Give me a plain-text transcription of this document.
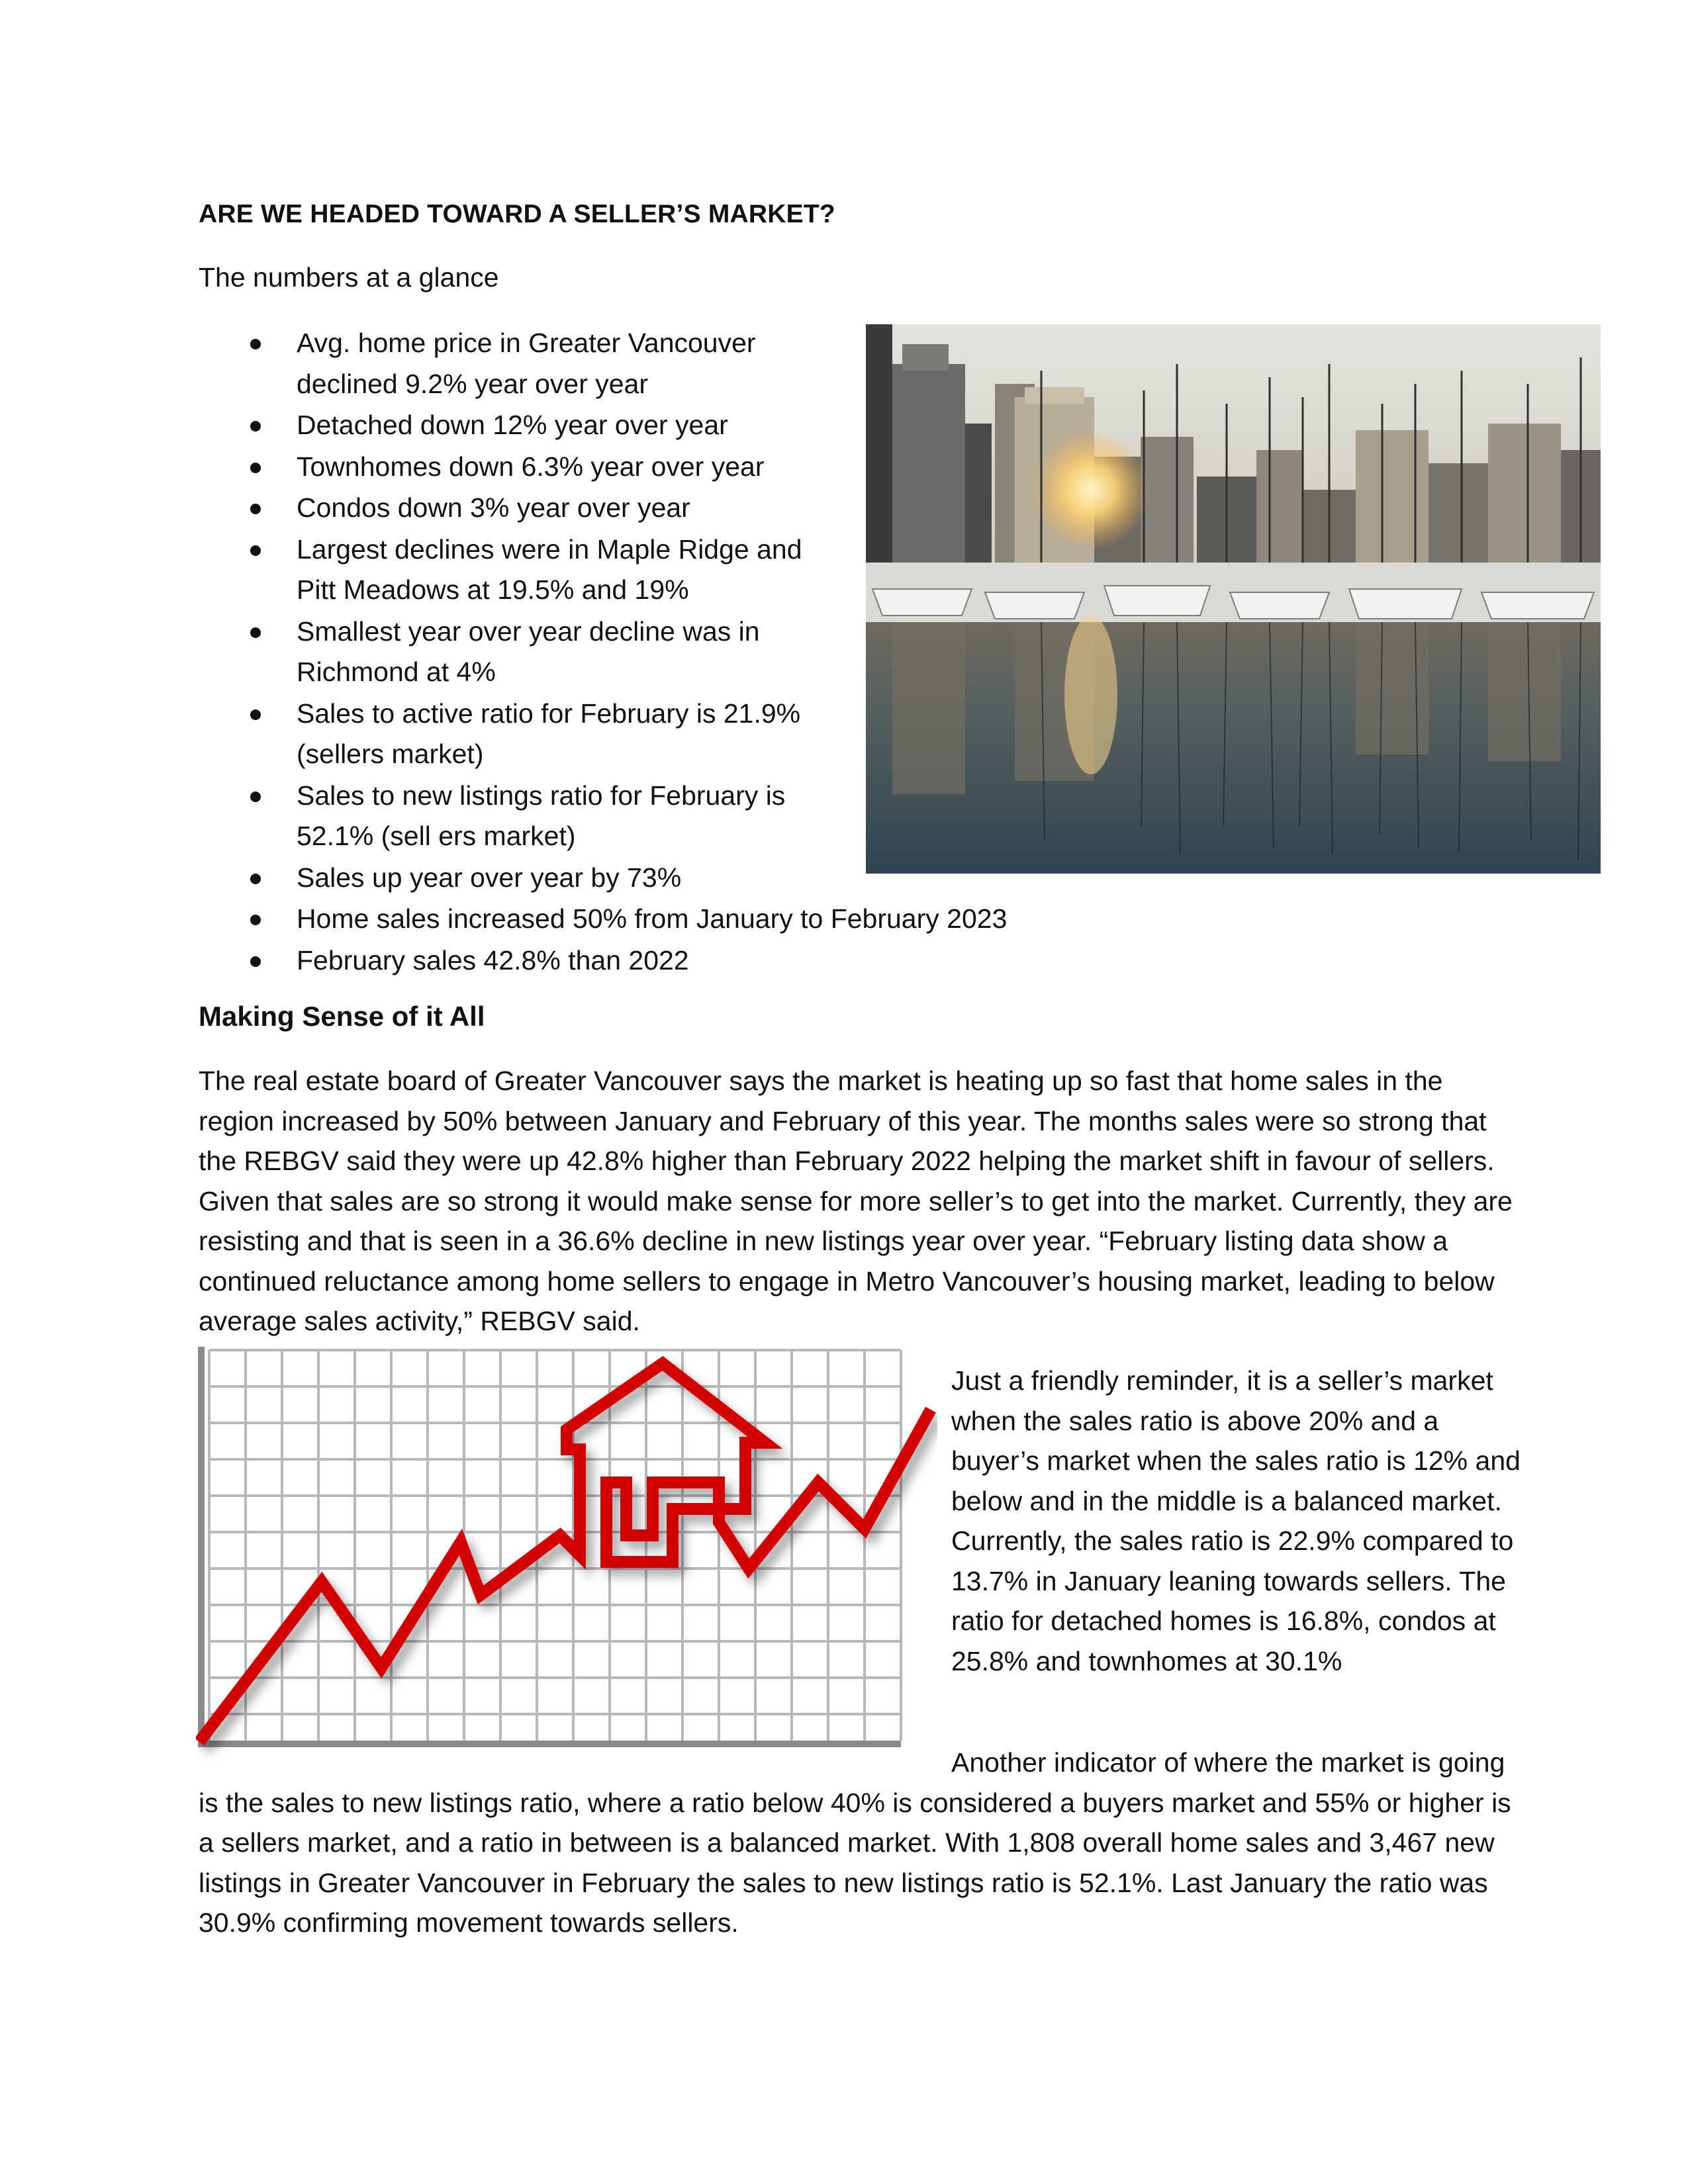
ARE WE HEADED TOWARD A SELLER’S MARKET?

The numbers at a glance

Avg. home price in Greater Vancouver declined 9.2% year over year
Detached down 12% year over year
Townhomes down 6.3% year over year
Condos down 3% year over year
Largest declines were in Maple Ridge and Pitt Meadows at 19.5% and 19%
Smallest year over year decline was in Richmond at 4%
Sales to active ratio for February is 21.9% (sellers market)
Sales to new listings ratio for February is 52.1% (sell ers market)
Sales up year over year by 73%
Home sales increased 50% from January to February 2023
February sales 42.8% than 2022
Making Sense of it All

The real estate board of Greater Vancouver says the market is heating up so fast that home sales in the region increased by 50% between January and February of this year. The months sales were so strong that the REBGV said they were up 42.8% higher than February 2022 helping the market shift in favour of sellers. Given that sales are so strong it would make sense for more seller’s to get into the market. Currently, they are resisting and that is seen in a 36.6% decline in new listings year over year. “February listing data show a continued reluctance among home sellers to engage in Metro Vancouver’s housing market, leading to below average sales activity,” REBGV said.

Just a friendly reminder, it is a seller’s market when the sales ratio is above 20% and a buyer’s market when the sales ratio is 12% and below and in the middle is a balanced market. Currently, the sales ratio is 22.9% compared to 13.7% in January leaning towards sellers. The ratio for detached homes is 16.8%, condos at 25.8% and townhomes at 30.1%

Another indicator of where the market is going is the sales to new listings ratio, where a ratio below 40% is considered a buyers market and 55% or higher is a sellers market, and a ratio in between is a balanced market. With 1,808 overall home sales and 3,467 new listings in Greater Vancouver in February the sales to new listings ratio is 52.1%. Last January the ratio was 30.9% confirming movement towards sellers.
